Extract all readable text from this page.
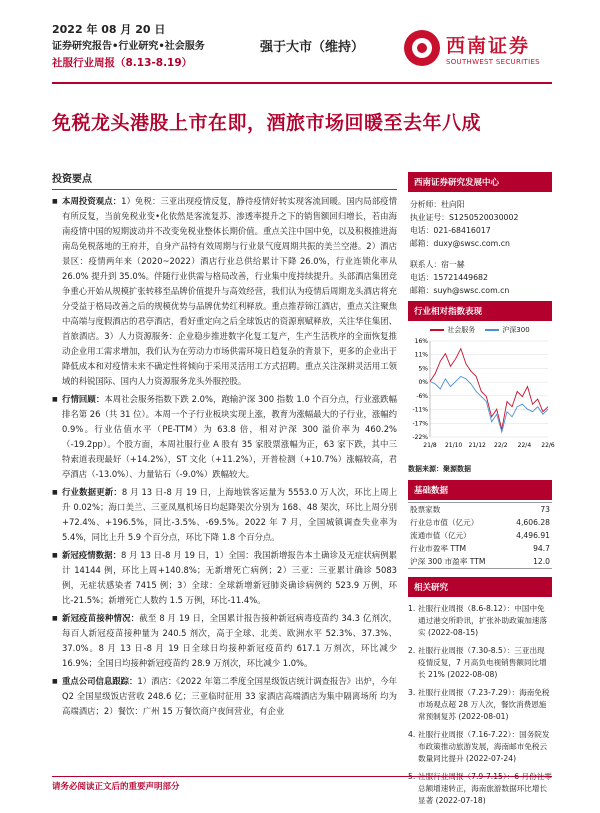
2022 年 08 月 20 日
证券研究报告•行业研究•社会服务
社服行业周报（8.13-8.19）
强于大市（维持）	西南证券
SOUTHWEST SECURITIES
免税龙头港股上市在即，酒旅市场回暖至去年八成
投资要点
■ 本周投资观点：1）免税：三亚出现疫情反复，静待疫情好转实现客流回暖。国内局部疫情有所反复，当前免税业变•化依然是客流复苏、渗透率提升之下的销售额回归增长，若由海南疫情中国的短期波动并不改变免税业整体长期价值。重点关注中国中免，以及积极推进海南岛免税落地的王府井，自身产品特有效周期与行业景气度周期共振的美兰空港。2）酒店景区：疫情两年来（2020~2022）酒店行业总供给累计下降 26.0%，行业连锁化率从 26.0% 提升到 35.0%。伴随行业供需与格局改善，行业集中度持续提升。头部酒店集团竞争重心开始从规模扩张转移至品牌价值提升与高效经营，我们认为疫情后周期龙头酒店将充分受益于格局改善之后的规模优势与品牌优势红利释放。重点推荐锦江酒店，重点关注聚焦中高端与度假酒店的君亭酒店，看好重定向之后全球饭店的资源禀赋释放，关注华住集团、首旅酒店。3）人力资源服务：企业稳步推进数字化复工复产，生产生活秩序的全面恢复推动企业用工需求增加，我们认为在劳动力市场供需环境日趋复杂的背景下，更多的企业出于降低成本和对疫情未来不确定性将倾向于采用灵活用工方式招聘。重点关注深耕灵活用工领域的科锐国际、国内人力资源服务龙头外服控股。
■ 行情回顾：本周社会服务指数下跌 2.0%，跑输沪深 300 指数 1.0 个百分点，行业涨跌幅排名第 26（共 31 位）。本周一个子行业板块实现上涨，教育为涨幅最大的子行业，涨幅约 0.9%。行业估值水平（PE-TTM）为 63.8 倍，相对沪深 300 溢价率为 460.2%（-19.2pp）。个股方面，本周社服行业 A 股有 35 家股票涨幅为正，63 家下跌，其中三特索道表现最好（+14.2%），ST 文化（+11.2%），开普检测（+10.7%）涨幅较高，君亭酒店（-13.0%）、力量钻石（-9.0%）跌幅较大。
■ 行业数据更新：8 月 13 日-8 月 19 日，上海地铁客运量为 5553.0 万人次，环比上周上升 0.02%；海口美兰、三亚凤凰机场日均起降架次分别为 168、48 架次，环比上周分别+72.4%、+196.5%，同比-3.5%、-69.5%。2022 年 7 月，全国城镇调查失业率为 5.4%，同比上升 5.9 个百分点，环比下降 1.8 个百分点。
■ 新冠疫情数据：8 月 13 日-8 月 19 日，1）全国：我国新增报告本土确诊及无症状病例累计 14144 例，环比上周+140.8%；无新增死亡病例；2）三亚：三亚累计确诊 5083 例，无症状感染者 7415 例；3）全球：全球新增新冠肺炎确诊病例约 523.9 万例，环比-21.5%；新增死亡人数约 1.5 万例，环比-11.4%。
■ 新冠疫苗接种情况：截至 8 月 19 日，全国累计报告接种新冠病毒疫苗约 34.3 亿剂次，每百人新冠疫苗接种量为 240.5 剂次，高于全球、北美、欧洲水平 52.3%、37.3%、37.0%。8 月 13 日-8 月 19 日全球日均接种新冠疫苗约 617.1 万剂次，环比减少 16.9%；全国日均接种新冠疫苗约 28.9 万剂次，环比减少 1.0%。
■ 重点公司信息跟踪：1）酒店：《2022 年第二季度全国星级饭店统计调查报告》出炉，今年 Q2 全国星级饭店营收 248.6 亿；三亚临时征用 33 家酒店高端酒店为集中隔离场所 均为高端酒店；2）餐饮：广州 15 万餐饮商户夜间营业，有企业
西南证券研究发展中心
分析师：杜向阳
执业证号：S1250520030002
电话：021-68416017
邮箱：duxy@swsc.com.cn
联系人：宿一赫
电话：15721449682
邮箱：suyh@swsc.com.cn
行业相对指数表现
社会服务	沪深300
16%
11%
5%
0%
-6%
-11%
-17%
-22%
21/8 21/10 21/12 22/2 22/4 22/6
数据来源：聚源数据
基础数据
股票家数	73
行业总市值（亿元）	4,606.28
流通市值（亿元）	4,496.91
行业市盈率 TTM	94.7
沪深 300 市盈率 TTM	12.0
相关研究
1. 社服行业周报（8.6-8.12）：中国中免通过港交所聆讯，扩张补助政策加速落实 (2022-08-15)
2. 社服行业周报（7.30-8.5）：三亚出现疫情反复，7 月高负电视销售额同比增长 21% (2022-08-08)
3. 社服行业周报（7.23-7.29）：海南免税市场观点超 28 万人次，餐饮消费恩施常预制复苏 (2022-08-01)
4. 社服行业周报（7.16-7.22）：国务院发布政策推动旅游发展，海南邮市免税云数量同比提升 (2022-07-24)
总额增速转正，海南旅游数据环比增长显著 (2022-07-18)
请务必阅读正文后的重要声明部分
